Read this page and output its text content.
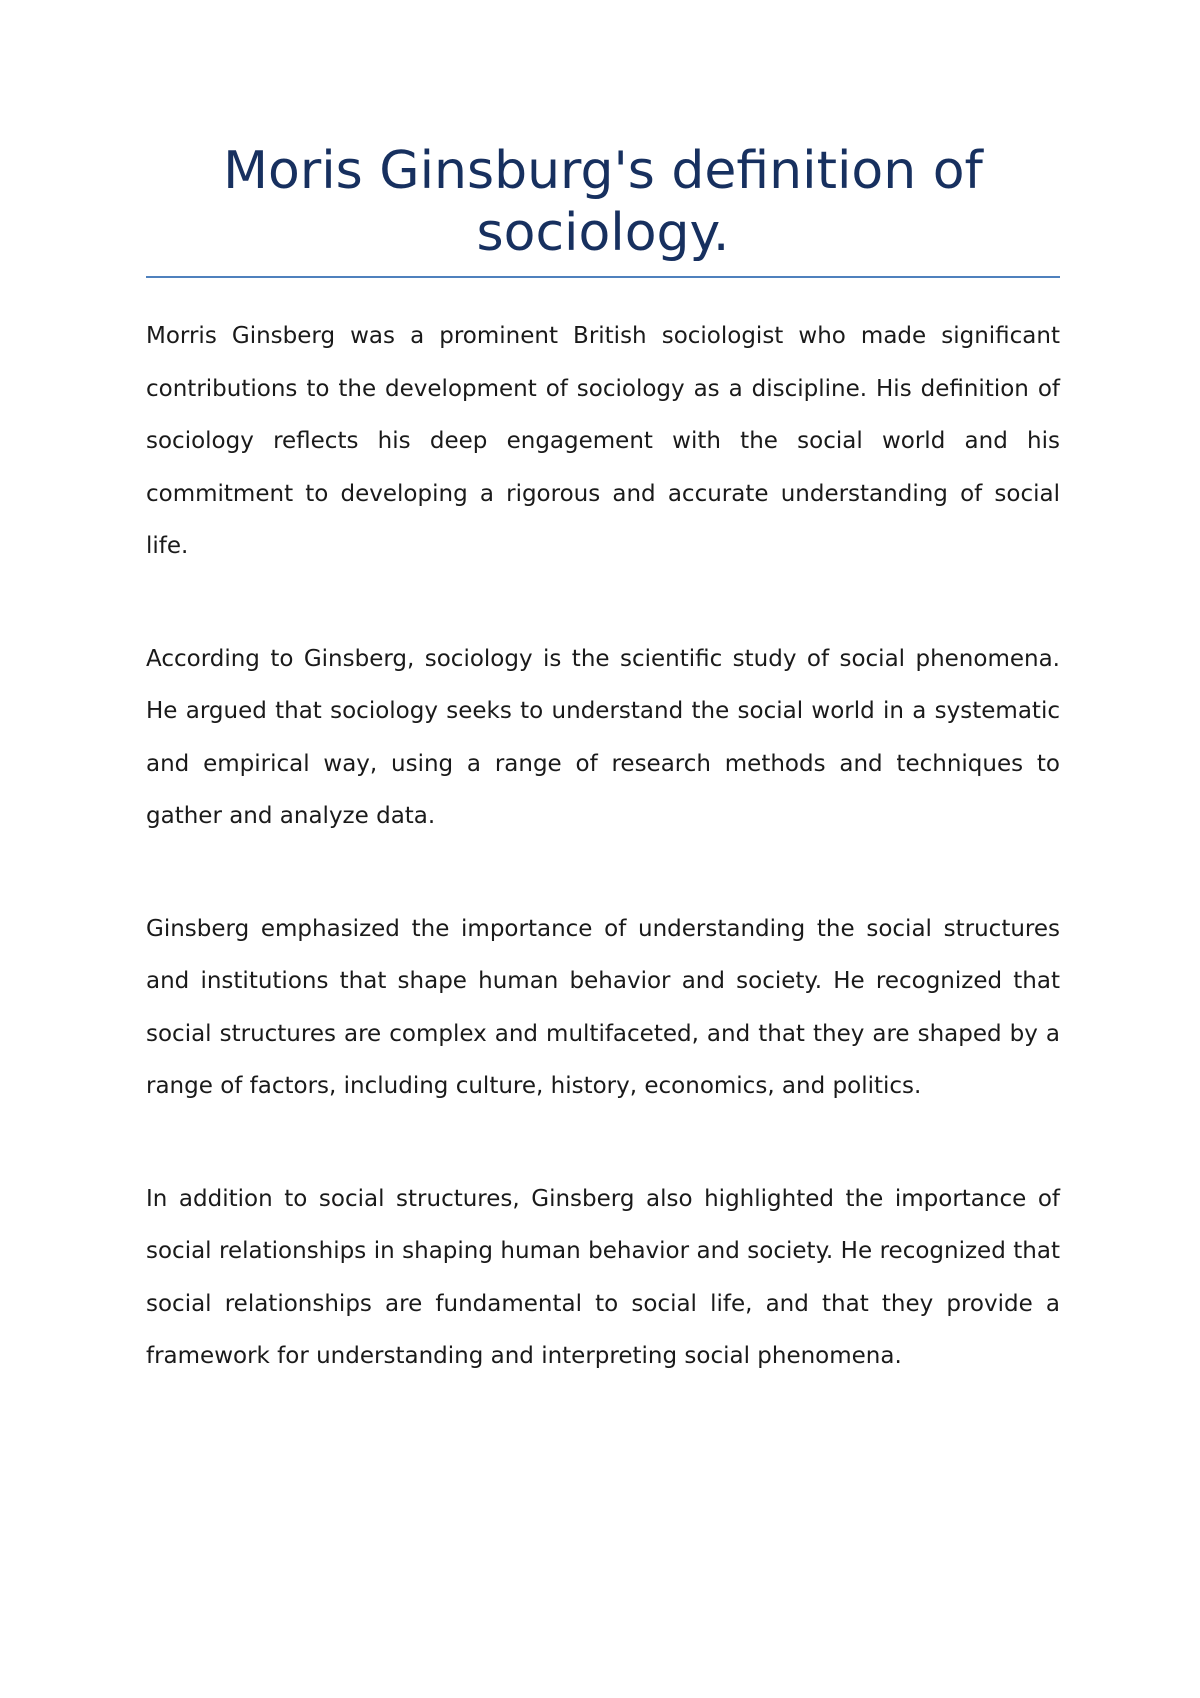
Moris Ginsburg's definition of sociology.

Morris Ginsberg was a prominent British sociologist who made significant contributions to the development of sociology as a discipline. His definition of sociology reflects his deep engagement with the social world and his commitment to developing a rigorous and accurate understanding of social life.

According to Ginsberg, sociology is the scientific study of social phenomena. He argued that sociology seeks to understand the social world in a systematic and empirical way, using a range of research methods and techniques to gather and analyze data.

Ginsberg emphasized the importance of understanding the social structures and institutions that shape human behavior and society. He recognized that social structures are complex and multifaceted, and that they are shaped by a range of factors, including culture, history, economics, and politics.

In addition to social structures, Ginsberg also highlighted the importance of social relationships in shaping human behavior and society. He recognized that social relationships are fundamental to social life, and that they provide a framework for understanding and interpreting social phenomena.
